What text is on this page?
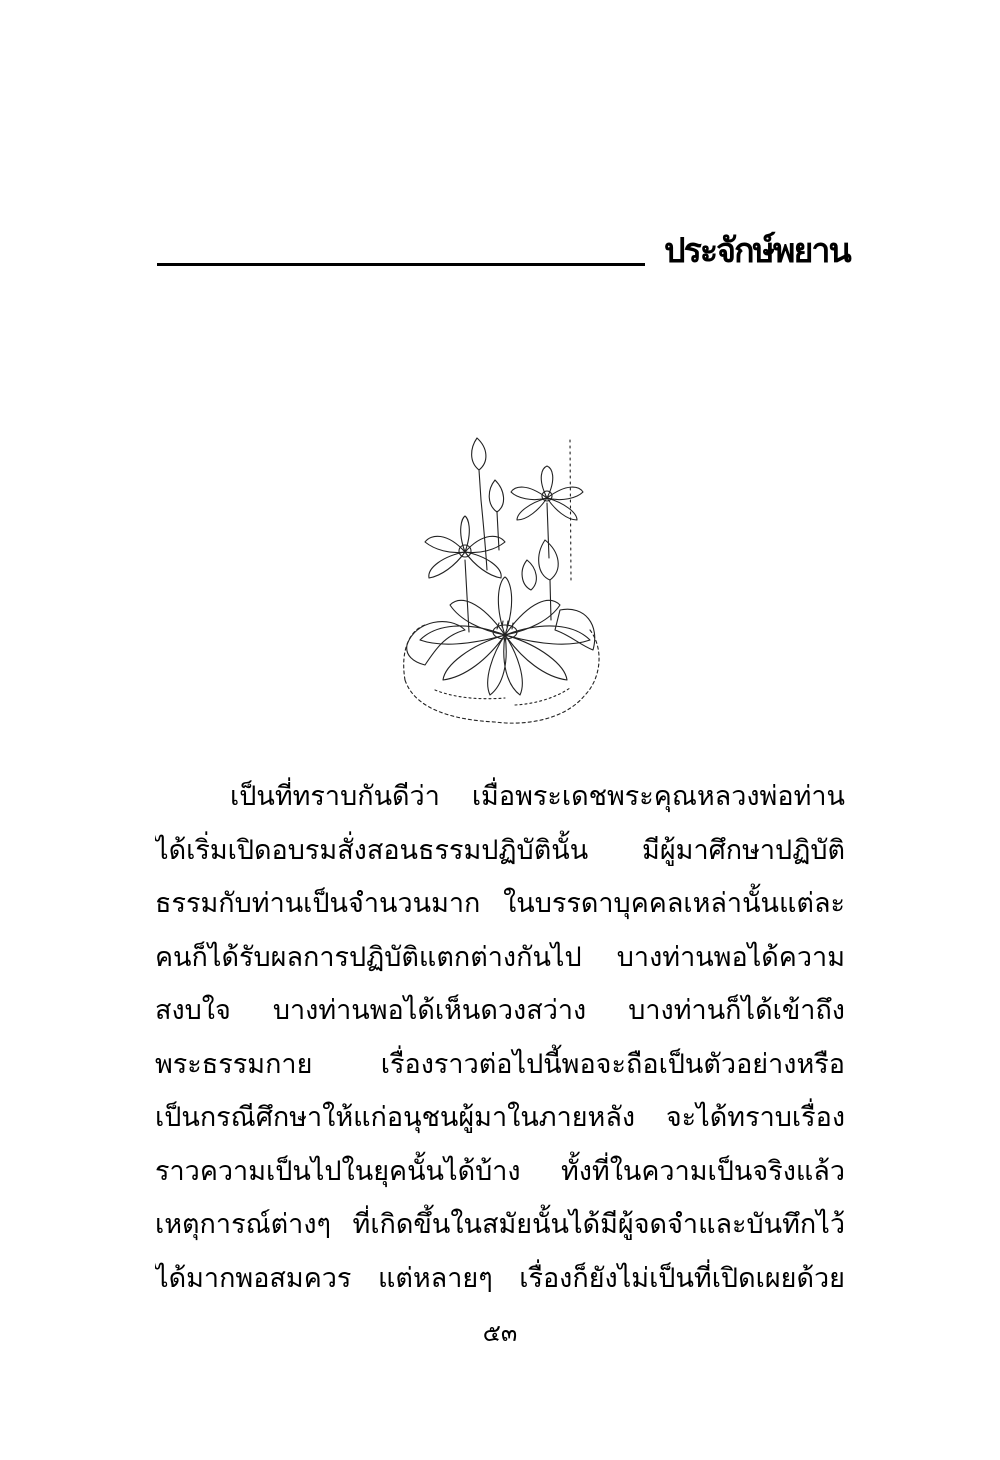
ประจักษ์พยาน
เป็นที่ทราบกันดีว่า เมื่อพระเดชพระคุณหลวงพ่อท่าน
ได้เริ่มเปิดอบรมสั่งสอนธรรมปฏิบัตินั้น มีผู้มาศึกษาปฏิบัติ
ธรรมกับท่านเป็นจำนวนมาก ในบรรดาบุคคลเหล่านั้นแต่ละ
คนก็ได้รับผลการปฏิบัติแตกต่างกันไป บางท่านพอได้ความ
สงบใจ บางท่านพอได้เห็นดวงสว่าง บางท่านก็ได้เข้าถึง
พระธรรมกาย เรื่องราวต่อไปนี้พอจะถือเป็นตัวอย่างหรือ
เป็นกรณีศึกษาให้แก่อนุชนผู้มาในภายหลัง จะได้ทราบเรื่อง
ราวความเป็นไปในยุคนั้นได้บ้าง ทั้งที่ในความเป็นจริงแล้ว
เหตุการณ์ต่างๆ ที่เกิดขึ้นในสมัยนั้นได้มีผู้จดจำและบันทึกไว้
ได้มากพอสมควร แต่หลายๆ เรื่องก็ยังไม่เป็นที่เปิดเผยด้วย
๕๓
